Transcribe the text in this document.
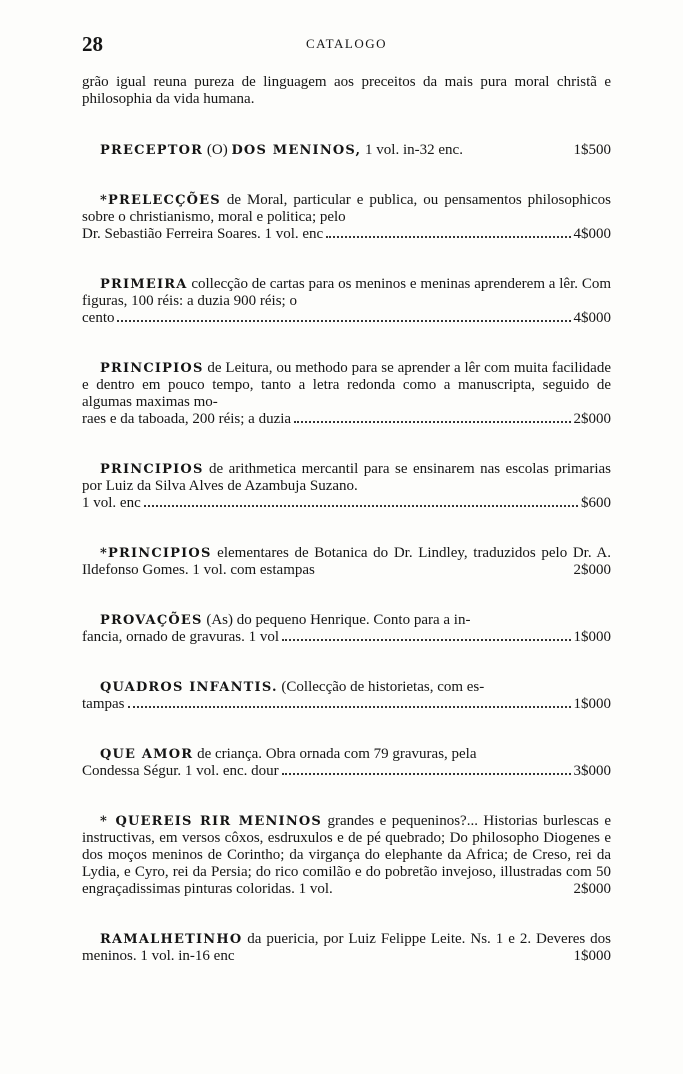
28	CATALOGO

grão igual reuna pureza de linguagem aos preceitos da mais pura moral christã e philosophia da vida humana.

PRECEPTOR (O) DOS MENINOS, 1 vol. in-32 enc.	1$500

*PRELECÇÕES de Moral, particular e publica, ou pensamentos philosophicos sobre o christianismo, moral e politica; pelo

Dr. Sebastião Ferreira Soares. 1 vol. enc	4$000

PRIMEIRA collecção de cartas para os meninos e meninas aprenderem a lêr. Com figuras, 100 réis: a duzia 900 réis; o

cento	4$000

PRINCIPIOS de Leitura, ou methodo para se aprender a lêr com muita facilidade e dentro em pouco tempo, tanto a letra redonda como a manuscripta, seguido de algumas maximas mo-

raes e da taboada, 200 réis; a duzia	2$000

PRINCIPIOS de arithmetica mercantil para se ensinarem nas escolas primarias por Luiz da Silva Alves de Azambuja Suzano.

1 vol. enc	$600

*PRINCIPIOS elementares de Botanica do Dr. Lindley, traduzidos pelo Dr. A. Ildefonso Gomes. 1 vol. com estampas	2$000

PROVAÇÕES (As) do pequeno Henrique. Conto para a in-

fancia, ornado de gravuras. 1 vol	1$000

QUADROS INFANTIS. (Collecção de historietas, com es-

tampas	1$000

QUE AMOR de criança. Obra ornada com 79 gravuras, pela

Condessa Ségur. 1 vol. enc. dour	3$000

* QUEREIS RIR MENINOS grandes e pequeninos?... Historias burlescas e instructivas, em versos côxos, esdruxulos e de pé quebrado; Do philosopho Diogenes e dos moços meninos de Corintho; da virgança do elephante da Africa; de Creso, rei da Lydia, e Cyro, rei da Persia; do rico comilão e do pobretão invejoso, illustradas com 50 engraçadissimas pinturas coloridas. 1 vol.	2$000

RAMALHETINHO da puericia, por Luiz Felippe Leite. Ns. 1 e 2. Deveres dos meninos. 1 vol. in-16 enc	1$000
